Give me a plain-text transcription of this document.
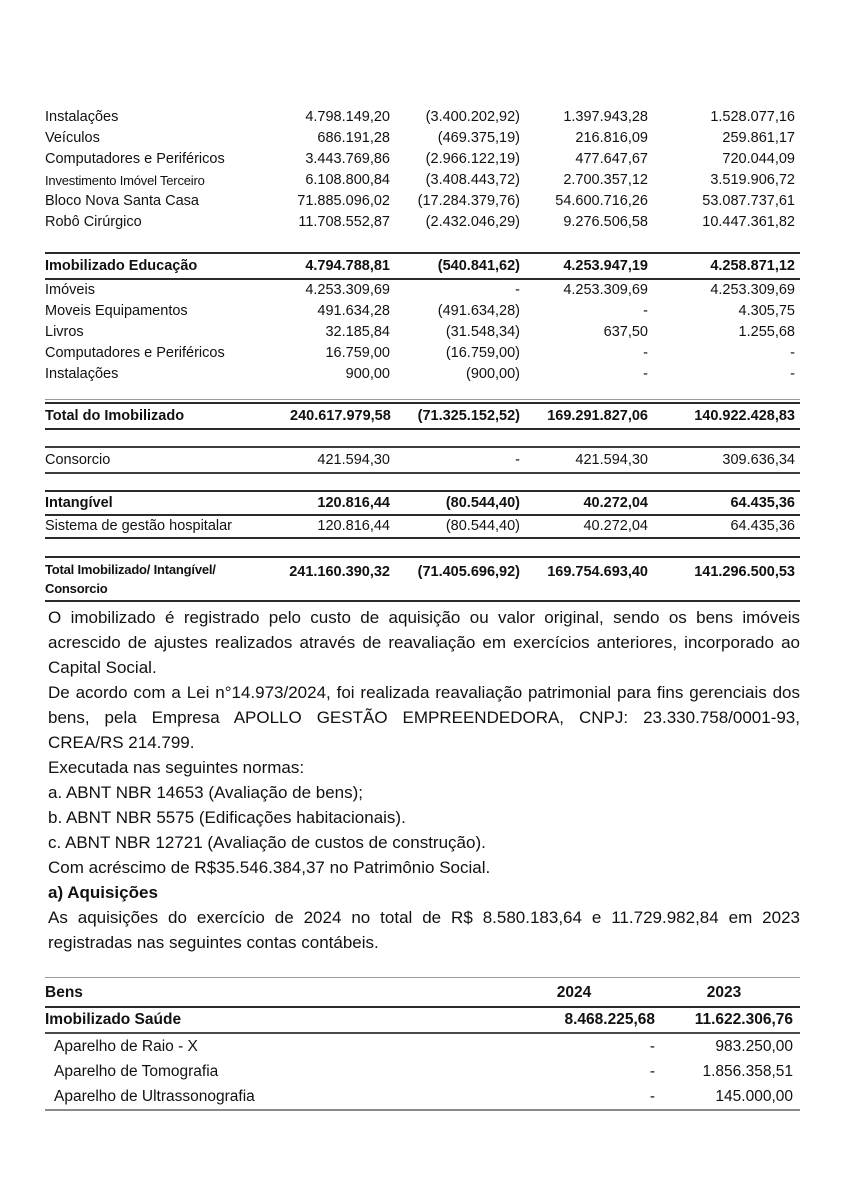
Instalações	4.798.149,20	(3.400.202,92)	1.397.943,28	1.528.077,16
Veículos	686.191,28	(469.375,19)	216.816,09	259.861,17
Computadores e Periféricos	3.443.769,86	(2.966.122,19)	477.647,67	720.044,09
Investimento Imóvel Terceiro	6.108.800,84	(3.408.443,72)	2.700.357,12	3.519.906,72
Bloco Nova Santa Casa	71.885.096,02	(17.284.379,76)	54.600.716,26	53.087.737,61
Robô Cirúrgico	11.708.552,87	(2.432.046,29)	9.276.506,58	10.447.361,82
Imobilizado Educação	4.794.788,81	(540.841,62)	4.253.947,19	4.258.871,12
Imóveis	4.253.309,69	-	4.253.309,69	4.253.309,69
Moveis Equipamentos	491.634,28	(491.634,28)	-	4.305,75
Livros	32.185,84	(31.548,34)	637,50	1.255,68
Computadores e Periféricos	16.759,00	(16.759,00)	-	-
Instalações	900,00	(900,00)	-	-
Total do Imobilizado	240.617.979,58	(71.325.152,52)	169.291.827,06	140.922.428,83
Consorcio	421.594,30	-	421.594,30	309.636,34
Intangível	120.816,44	(80.544,40)	40.272,04	64.435,36
Sistema de gestão hospitalar	120.816,44	(80.544,40)	40.272,04	64.435,36
Total Imobilizado/ Intangível/ Consorcio
241.160.390,32	(71.405.696,92)	169.754.693,40	141.296.500,53

O imobilizado é registrado pelo custo de aquisição ou valor original, sendo os bens imóveis acrescido de ajustes realizados através de reavaliação em exercícios anteriores, incorporado ao Capital Social.

De acordo com a Lei n°14.973/2024, foi realizada reavaliação patrimonial para fins gerenciais dos bens, pela Empresa APOLLO GESTÃO EMPREENDEDORA, CNPJ: 23.330.758/0001-93, CREA/RS 214.799.

Executada nas seguintes normas:

a. ABNT NBR 14653 (Avaliação de bens);

b. ABNT NBR 5575 (Edificações habitacionais).

c. ABNT NBR 12721 (Avaliação de custos de construção).

Com acréscimo de R$35.546.384,37 no Patrimônio Social.

a) Aquisições

As aquisições do exercício de 2024 no total de R$ 8.580.183,64 e 11.729.982,84 em 2023 registradas nas seguintes contas contábeis.

Bens	2024	2023
Imobilizado Saúde	8.468.225,68	11.622.306,76
Aparelho de Raio - X	-	983.250,00
Aparelho de Tomografia	-	1.856.358,51
Aparelho de Ultrassonografia	-	145.000,00
